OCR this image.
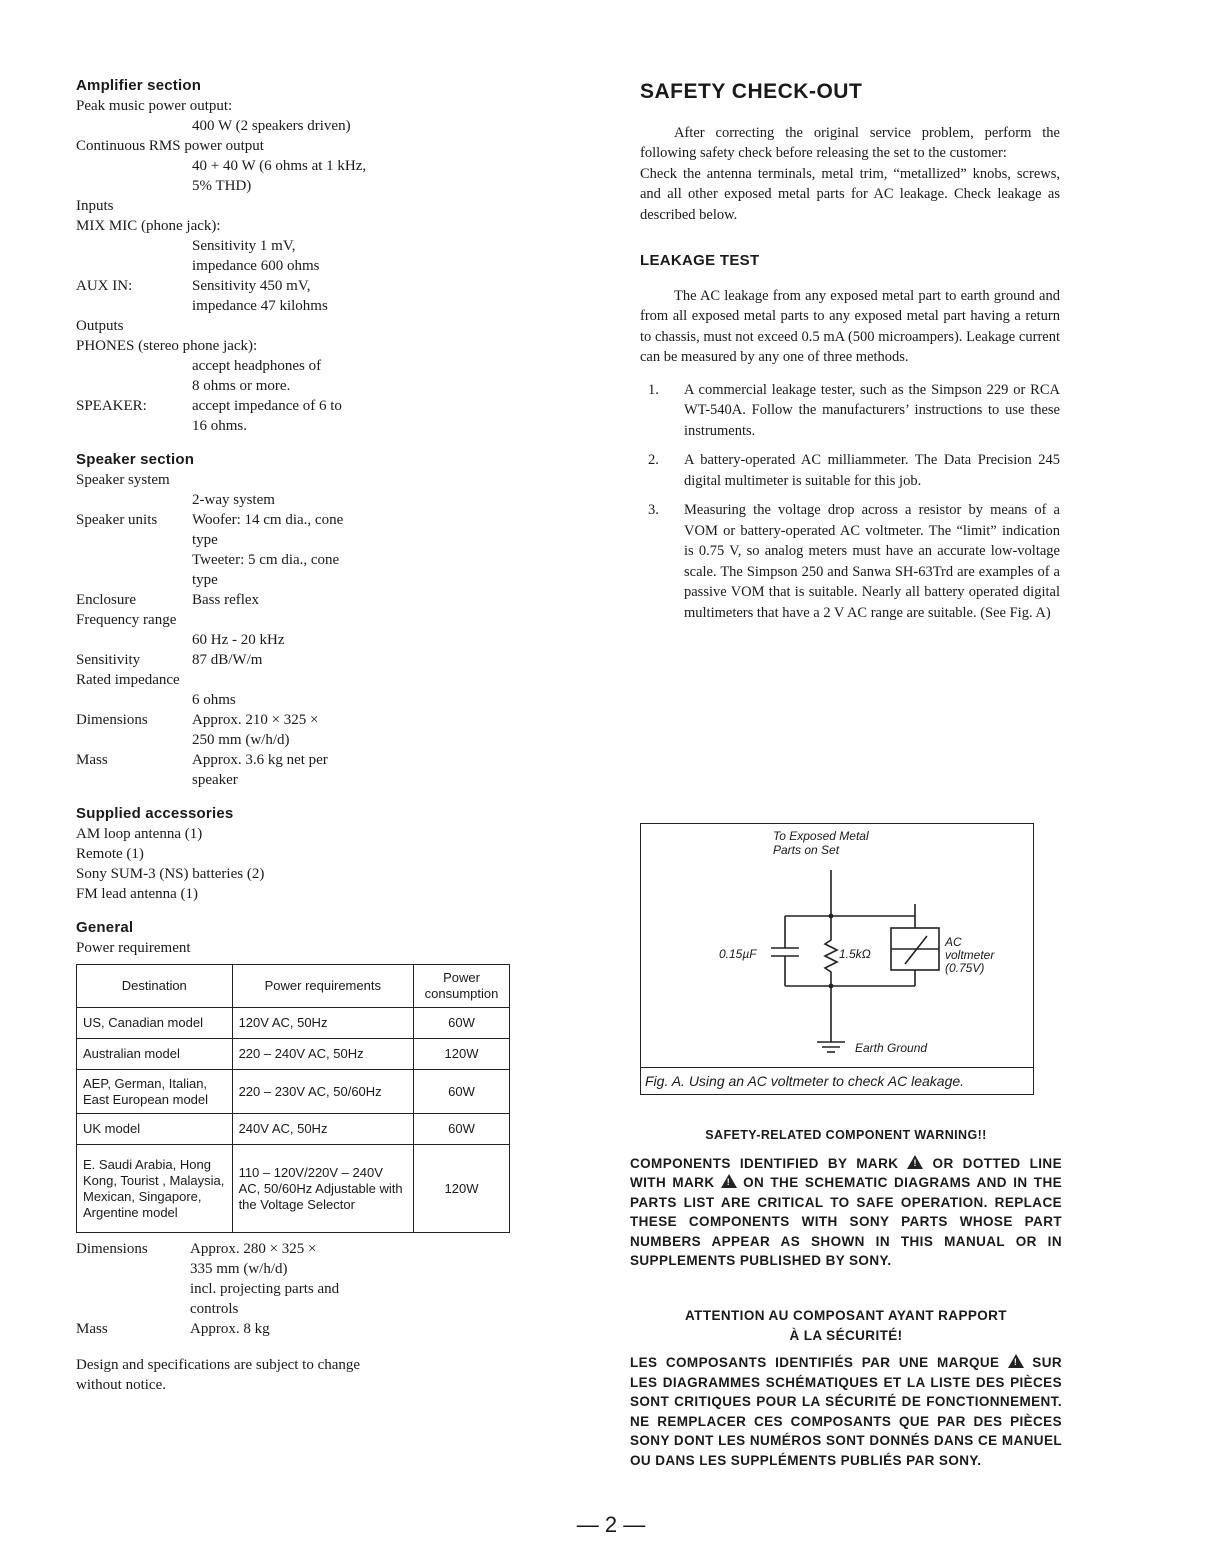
Amplifier section
Peak music power output:
400 W (2 speakers driven)
Continuous RMS power output
40 + 40 W (6 ohms at 1 kHz,
5% THD)
Inputs
MIX MIC (phone jack):
Sensitivity 1 mV,
impedance 600 ohms
AUX IN:	Sensitivity 450 mV,
impedance 47 kilohms
Outputs
PHONES (stereo phone jack):
accept headphones of
8 ohms or more.
SPEAKER:	accept impedance of 6 to
16 ohms.
Speaker section
Speaker system
2-way system
Speaker units	Woofer: 14 cm dia., cone
type
Tweeter: 5 cm dia., cone
type
Enclosure	Bass reflex
Frequency range
60 Hz - 20 kHz
Sensitivity	87 dB/W/m
Rated impedance
6 ohms
Dimensions	Approx. 210 × 325 ×
250 mm (w/h/d)
Mass	Approx. 3.6 kg net per
speaker
Supplied accessories
AM loop antenna (1)
Remote (1)
Sony SUM-3 (NS) batteries (2)
FM lead antenna (1)
General
Power requirement
Destination	Power requirements	Power consumption
US, Canadian model	120V AC, 50Hz	60W
Australian model	220 – 240V AC, 50Hz	120W
AEP, German, Italian, East European model	220 – 230V AC, 50/60Hz	60W
UK model	240V AC, 50Hz	60W
E. Saudi Arabia, Hong Kong, Tourist , Malaysia, Mexican, Singapore, Argentine model	110 – 120V/220V – 240V AC, 50/60Hz Adjustable with the Voltage Selector	120W
Dimensions	Approx. 280 × 325 ×
335 mm (w/h/d)
incl. projecting parts and
controls
Mass	Approx. 8 kg
Design and specifications are subject to change without notice.
SAFETY CHECK-OUT

After correcting the original service problem, perform the following safety check before releasing the set to the customer:

Check the antenna terminals, metal trim, “metallized” knobs, screws, and all other exposed metal parts for AC leakage. Check leakage as described below.

LEAKAGE TEST

The AC leakage from any exposed metal part to earth ground and from all exposed metal parts to any exposed metal part having a return to chassis, must not exceed 0.5 mA (500 microampers). Leakage current can be measured by any one of three methods.

1.	A commercial leakage tester, such as the Simpson 229 or RCA WT-540A. Follow the manufacturers’ instructions to use these instruments.
2.	A battery-operated AC milliammeter. The Data Precision 245 digital multimeter is suitable for this job.
3.	Measuring the voltage drop across a resistor by means of a VOM or battery-operated AC voltmeter. The “limit” indication is 0.75 V, so analog meters must have an accurate low-voltage scale. The Simpson 250 and Sanwa SH-63Trd are examples of a passive VOM that is suitable. Nearly all battery operated digital multimeters that have a 2 V AC range are suitable. (See Fig. A)
To Exposed Metal
Parts on Set
0.15µF	1.5kΩ
AC
voltmeter
(0.75V)
Earth Ground
Fig. A. Using an AC voltmeter to check AC leakage.
SAFETY-RELATED COMPONENT WARNING!!
COMPONENTS IDENTIFIED BY MARK !	OR DOTTED LINE WITH MARK ! ON THE SCHEMATIC DIAGRAMS AND IN THE PARTS LIST ARE CRITICAL TO SAFE OPERATION. REPLACE THESE COMPONENTS WITH SONY PARTS WHOSE PART NUMBERS APPEAR AS SHOWN IN THIS MANUAL OR IN SUPPLEMENTS PUBLISHED BY SONY.
ATTENTION AU COMPOSANT AYANT RAPPORT
À LA SÉCURITÉ!
LES COMPOSANTS IDENTIFIÉS PAR UNE MARQUE ! SUR LES DIAGRAMMES SCHÉMATIQUES ET LA LISTE DES PIÈCES SONT CRITIQUES POUR LA SÉCURITÉ DE FONCTIONNEMENT. NE REMPLACER CES COMPOSANTS QUE PAR DES PIÈCES SONY DONT LES NUMÉROS SONT DONNÉS DANS CE MANUEL OU DANS LES SUPPLÉMENTS PUBLIÉS PAR SONY.
— 2 —
